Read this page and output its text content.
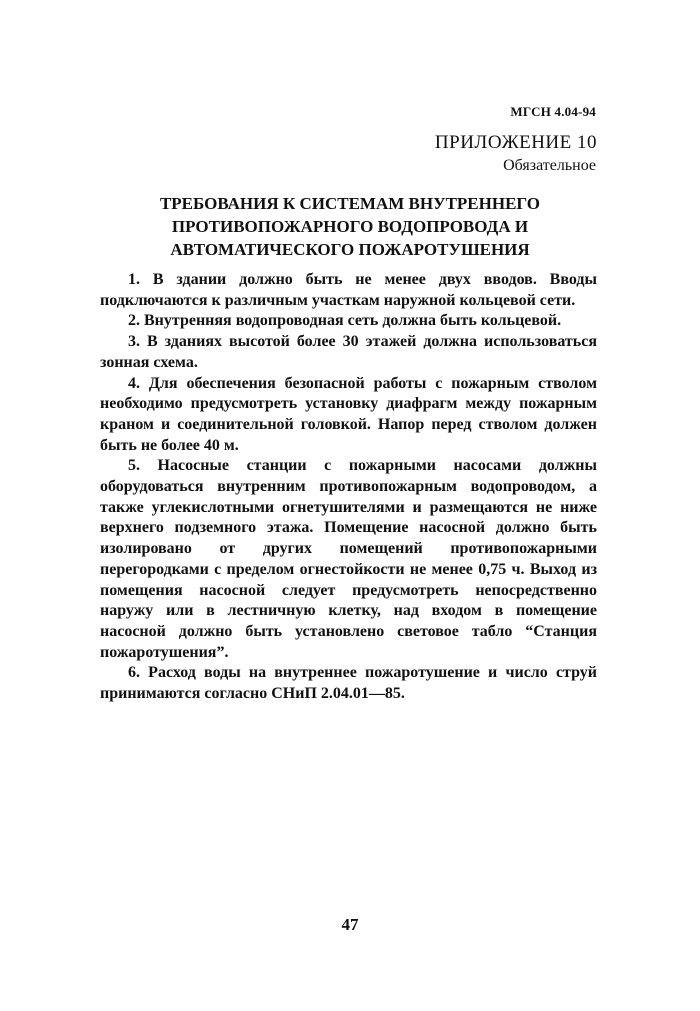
МГСН 4.04-94
ПРИЛОЖЕНИЕ 10
Обязательное
ТРЕБОВАНИЯ К СИСТЕМАМ ВНУТРЕННЕГО
ПРОТИВОПОЖАРНОГО ВОДОПРОВОДА И
АВТОМАТИЧЕСКОГО ПОЖАРОТУШЕНИЯ

1. В здании должно быть не менее двух вводов. Вводы подключаются к различным участкам наружной кольцевой сети.

2. Внутренняя водопроводная сеть должна быть кольцевой.

3. В зданиях высотой более 30 этажей должна использоваться зонная схема.

4. Для обеспечения безопасной работы с пожарным стволом необходимо предусмотреть установку диафрагм между пожарным краном и соединительной головкой. Напор перед стволом должен быть не более 40 м.

5. Насосные станции с пожарными насосами должны оборудоваться внутренним противопожарным водопроводом, а также углекислотными огнетушителями и размещаются не ниже верхнего подземного этажа. Помещение насосной должно быть изолировано от других помещений противопожарными перегородками с пределом огнестойкости не менее 0,75 ч. Выход из помещения насосной следует предусмотреть непосредственно наружу или в лестничную клетку, над входом в помещение насосной должно быть установлено световое табло “Станция пожаротушения”.

6. Расход воды на внутреннее пожаротушение и число струй принимаются согласно СНиП 2.04.01—85.

47
